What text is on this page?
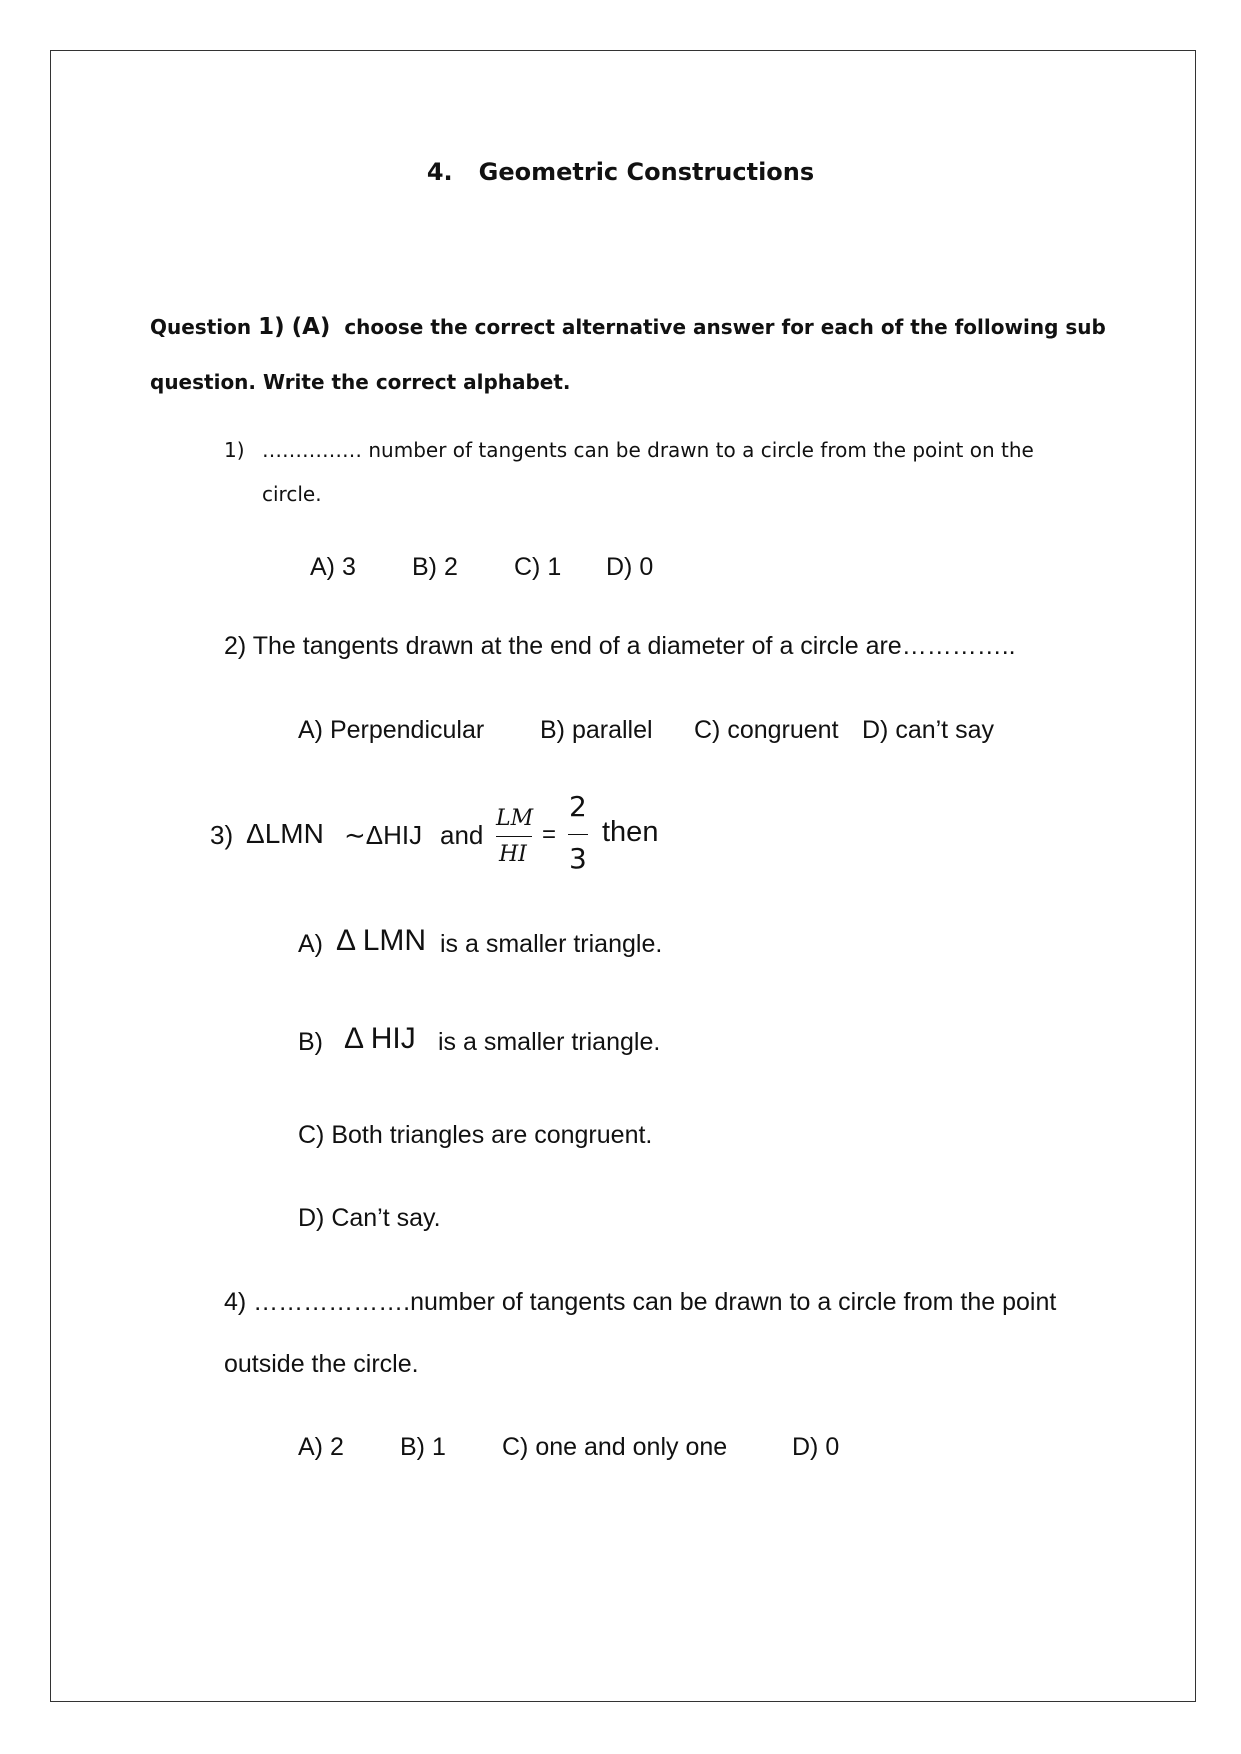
4. Geometric Constructions
Question 1) (A) choose the correct alternative answer for each of the following sub
question. Write the correct alphabet.
1) …………… number of tangents can be drawn to a circle from the point on the
circle.
A) 3 B) 2 C) 1 D) 0
2) The tangents drawn at the end of a diameter of a circle are…………..
A) Perpendicular B) parallel C) congruent D) can’t say
3) ΔLMN ∼ΔHIJ and
LM
HI
=
2
3
then
A) Δ LMN is a smaller triangle.
B) Δ HIJ is a smaller triangle.
C) Both triangles are congruent.
D) Can’t say.
4) ……………….number of tangents can be drawn to a circle from the point
outside the circle.
A) 2 B) 1 C) one and only one	D) 0
